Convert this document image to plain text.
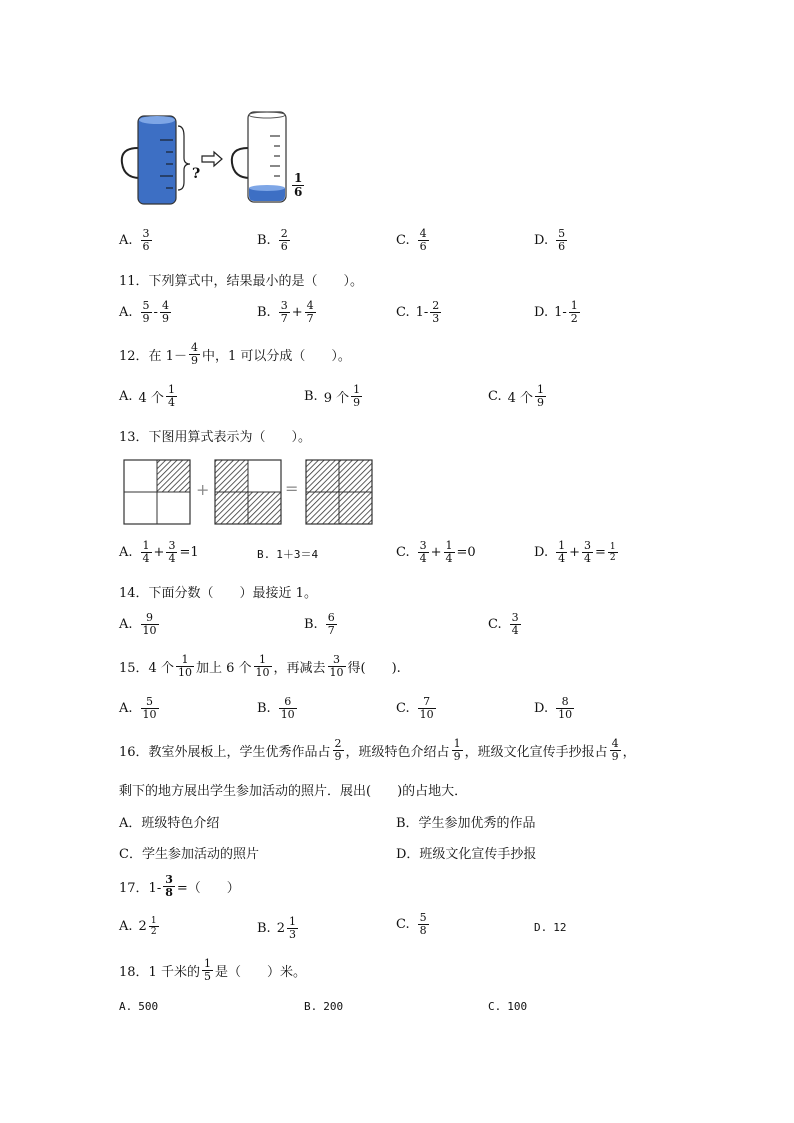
?	$\frac{1}{6}$
A. $\frac{3}{6}$	B. $\frac{2}{6}$	C. $\frac{4}{6}$	D. $\frac{5}{6}$
11．下列算式中，结果最小的是（　　）。
A. $\frac{5}{9} - \frac{4}{9}$	B. $\frac{3}{7} + \frac{4}{7}$	C. $1- \frac{2}{3}$	D. $1- \frac{1}{2}$
12．在 $1- \frac{4}{9}$ 中，1 可以分成（　　）。
A. 4 个 $\frac{1}{4}$	B. 9 个 $\frac{1}{9}$	C. 4 个 $\frac{1}{9}$
13．下图用算式表示为（　　）。
+	=
A. $\frac{1}{4} + \frac{3}{4} =1$	B. 1＋3＝4	C. $\frac{3}{4} + \frac{1}{4} =0$	D. $\frac{1}{4} + \frac{3}{4} = \frac{1}{2}$
14．下面分数（　　）最接近 1。
A. $\frac{9}{10}$	B. $\frac{6}{7}$	C. $\frac{3}{4}$
15．4 个 $\frac{1}{10}$ 加上 6 个 $\frac{1}{10}$ ，再减去 $\frac{3}{10}$ 得(　　).
A. $\frac{5}{10}$	B. $\frac{6}{10}$	C. $\frac{7}{10}$	D. $\frac{8}{10}$
16．教室外展板上，学生优秀作品占 $\frac{2}{9}$ ，班级特色介绍占 $\frac{1}{9}$ ，班级文化宣传手抄报占 $\frac{4}{9}$ ，
剩下的地方展出学生参加活动的照片．展出(　　)的占地大．
A．班级特色介绍	B．学生参加优秀的作品
C．学生参加活动的照片	D．班级文化宣传手抄报
17．$1- \frac{3}{8}$ =（　　）
A. $2 \frac{1}{2}$	B. $2 \frac{1}{3}$	C. $\frac{5}{8}$	D. 12
18．1 千米的 $\frac{1}{5}$ 是（　　）米。
A. 500	B. 200	C. 100
